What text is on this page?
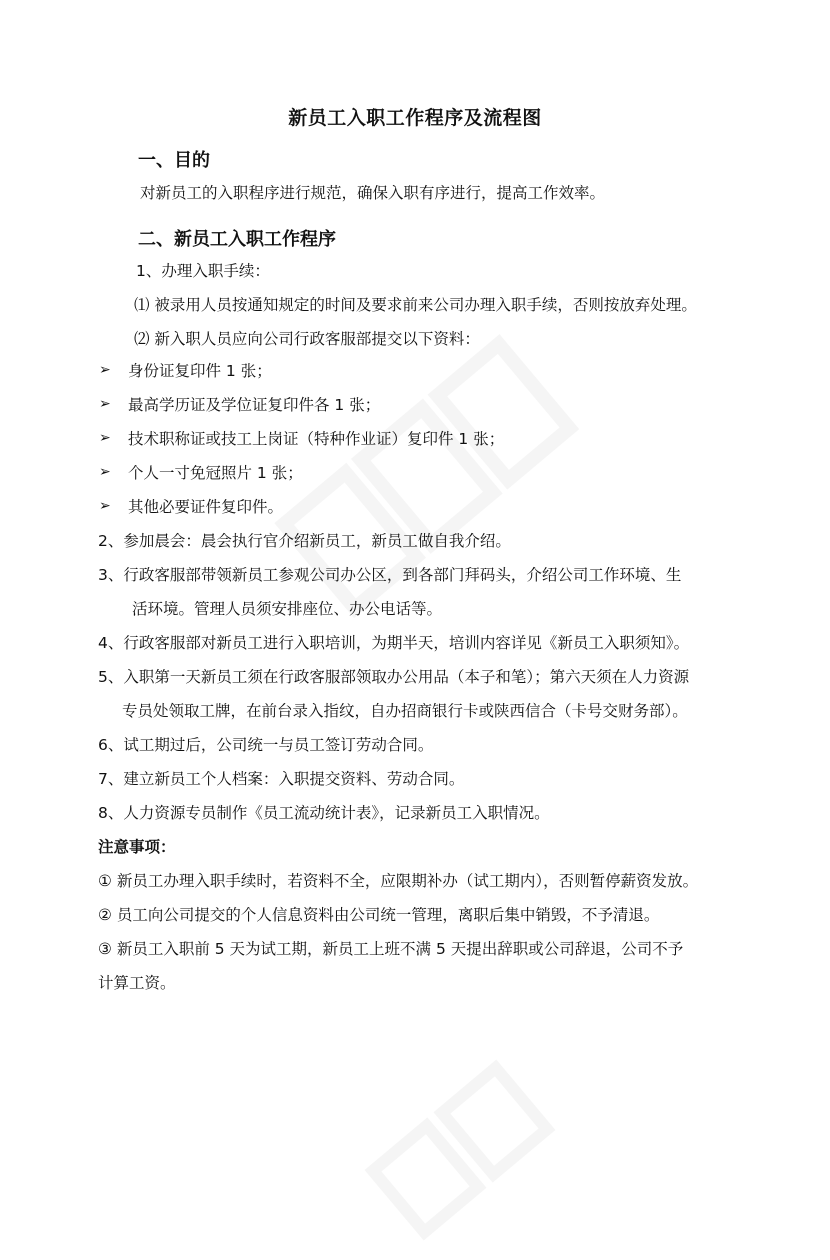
新员工入职工作程序及流程图
一、目的
对新员工的入职程序进行规范，确保入职有序进行，提高工作效率。
二、新员工入职工作程序
1、办理入职手续：
⑴ 被录用人员按通知规定的时间及要求前来公司办理入职手续，否则按放弃处理。
⑵ 新入职人员应向公司行政客服部提交以下资料：
➢ 身份证复印件 1 张；
➢ 最高学历证及学位证复印件各 1 张；
➢ 技术职称证或技工上岗证（特种作业证）复印件 1 张；
➢ 个人一寸免冠照片 1 张；
➢ 其他必要证件复印件。
2、参加晨会：晨会执行官介绍新员工，新员工做自我介绍。
3、行政客服部带领新员工参观公司办公区，到各部门拜码头，介绍公司工作环境、生
活环境。管理人员须安排座位、办公电话等。
4、行政客服部对新员工进行入职培训，为期半天，培训内容详见《新员工入职须知》。
5、入职第一天新员工须在行政客服部领取办公用品（本子和笔）；第六天须在人力资源
专员处领取工牌，在前台录入指纹，自办招商银行卡或陕西信合（卡号交财务部）。
6、试工期过后，公司统一与员工签订劳动合同。
7、建立新员工个人档案：入职提交资料、劳动合同。
8、人力资源专员制作《员工流动统计表》，记录新员工入职情况。
注意事项：
① 新员工办理入职手续时，若资料不全，应限期补办（试工期内），否则暂停薪资发放。
② 员工向公司提交的个人信息资料由公司统一管理，离职后集中销毁，不予清退。
③ 新员工入职前 5 天为试工期，新员工上班不满 5 天提出辞职或公司辞退，公司不予
计算工资。
